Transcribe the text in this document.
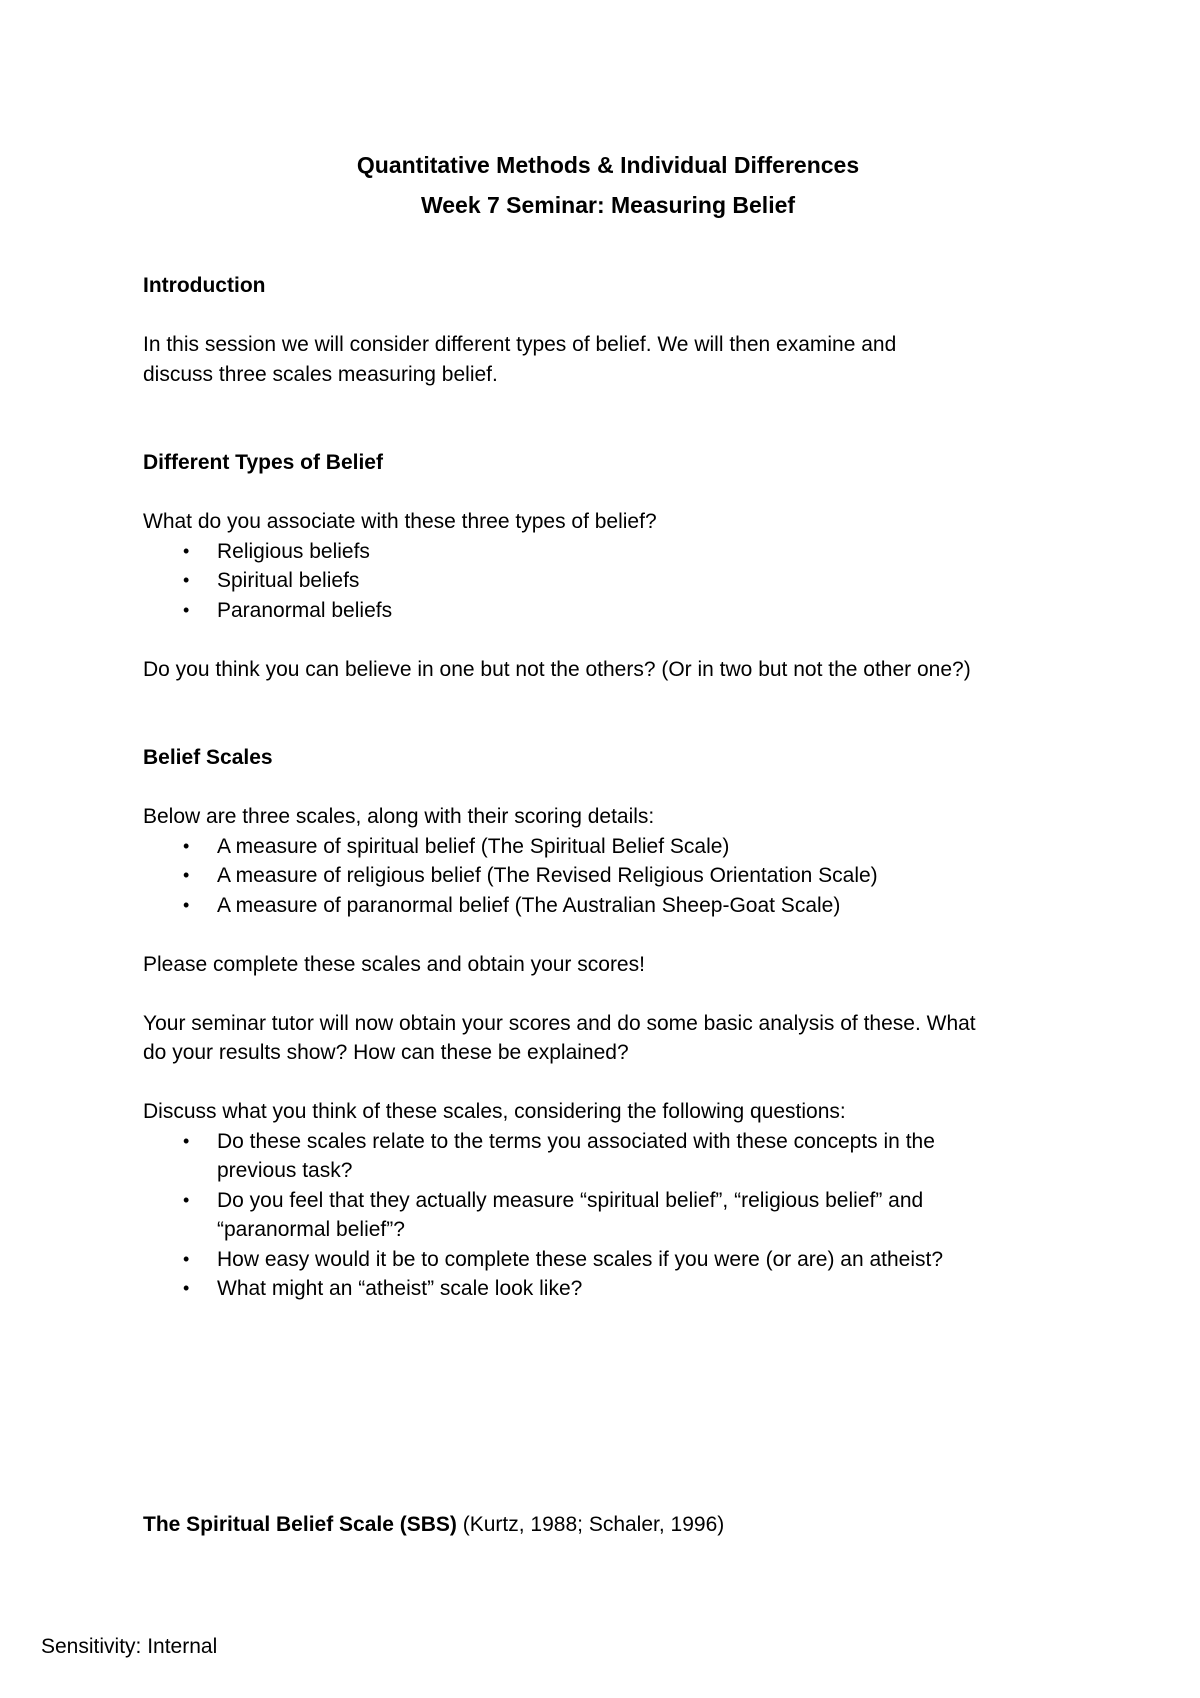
Quantitative Methods & Individual Differences
Week 7 Seminar: Measuring Belief

Introduction

In this session we will consider different types of belief. We will then examine and discuss three scales measuring belief.

Different Types of Belief

What do you associate with these three types of belief?

• Religious beliefs
• Spiritual beliefs
• Paranormal beliefs

Do you think you can believe in one but not the others? (Or in two but not the other one?)

Belief Scales

Below are three scales, along with their scoring details:

• A measure of spiritual belief (The Spiritual Belief Scale)
• A measure of religious belief (The Revised Religious Orientation Scale)
• A measure of paranormal belief (The Australian Sheep-Goat Scale)

Please complete these scales and obtain your scores!

Your seminar tutor will now obtain your scores and do some basic analysis of these. What do your results show? How can these be explained?

Discuss what you think of these scales, considering the following questions:

• Do these scales relate to the terms you associated with these concepts in the previous task?
• Do you feel that they actually measure “spiritual belief”, “religious belief” and “paranormal belief”?
• How easy would it be to complete these scales if you were (or are) an atheist?
• What might an “atheist” scale look like?

The Spiritual Belief Scale (SBS) (Kurtz, 1988; Schaler, 1996)

Sensitivity: Internal
